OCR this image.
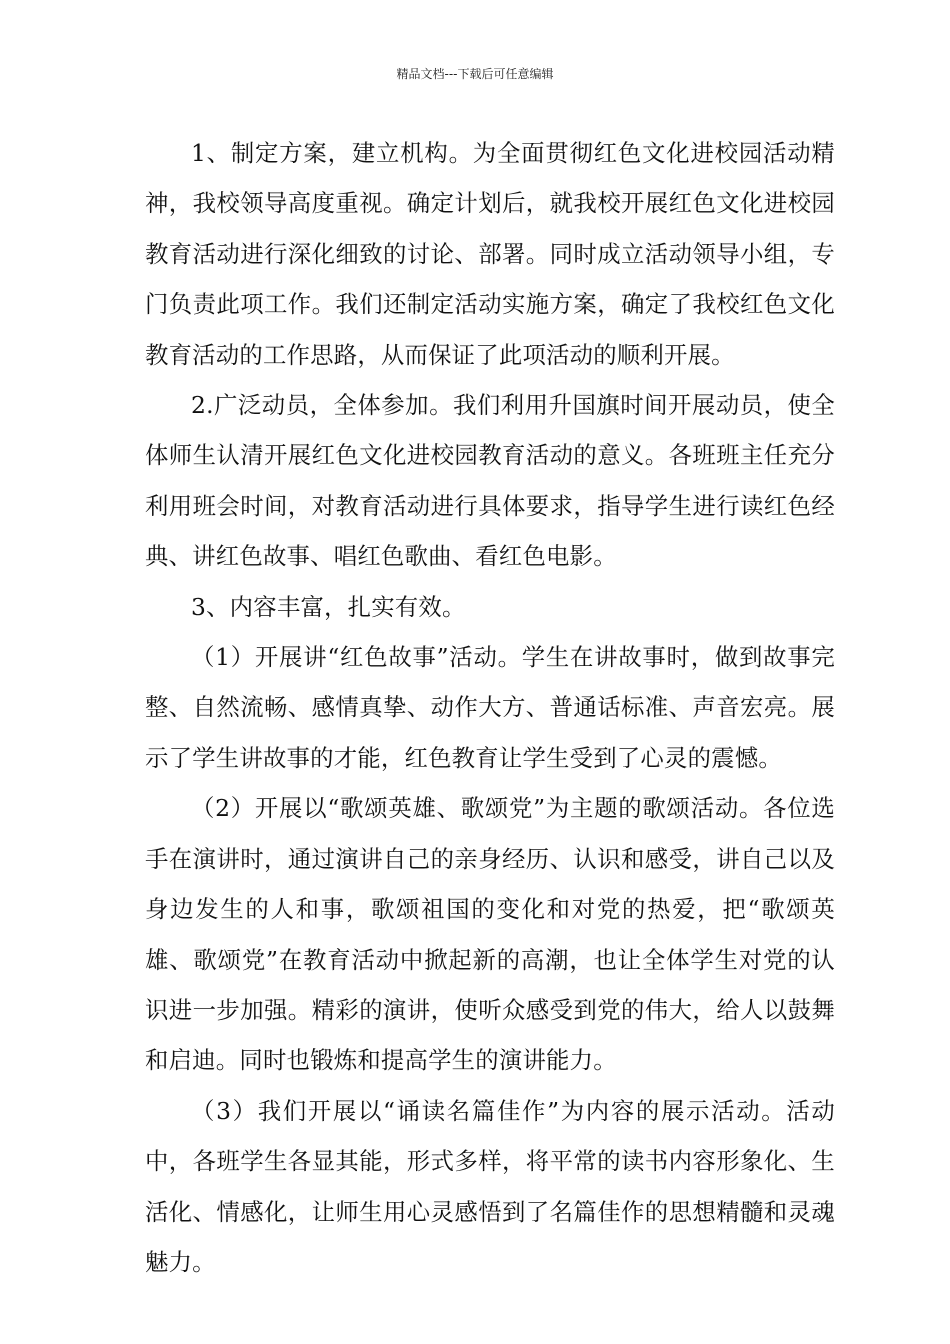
精品文档---下载后可任意编辑

1、制定方案，建立机构。为全面贯彻红色文化进校园活动精神，我校领导高度重视。确定计划后，就我校开展红色文化进校园教育活动进行深化细致的讨论、部署。同时成立活动领导小组，专门负责此项工作。我们还制定活动实施方案，确定了我校红色文化教育活动的工作思路，从而保证了此项活动的顺利开展。

2.广泛动员，全体参加。我们利用升国旗时间开展动员，使全体师生认清开展红色文化进校园教育活动的意义。各班班主任充分利用班会时间，对教育活动进行具体要求，指导学生进行读红色经典、讲红色故事、唱红色歌曲、看红色电影。

3、内容丰富，扎实有效。

（1）开展讲“红色故事”活动。学生在讲故事时，做到故事完整、自然流畅、感情真挚、动作大方、普通话标准、声音宏亮。展示了学生讲故事的才能，红色教育让学生受到了心灵的震憾。

（2）开展以“歌颂英雄、歌颂党”为主题的歌颂活动。各位选手在演讲时，通过演讲自己的亲身经历、认识和感受，讲自己以及身边发生的人和事，歌颂祖国的变化和对党的热爱，把“歌颂英雄、歌颂党”在教育活动中掀起新的高潮，也让全体学生对党的认识进一步加强。精彩的演讲，使听众感受到党的伟大，给人以鼓舞和启迪。同时也锻炼和提高学生的演讲能力。

（3）我们开展以“诵读名篇佳作”为内容的展示活动。活动中，各班学生各显其能，形式多样，将平常的读书内容形象化、生活化、情感化，让师生用心灵感悟到了名篇佳作的思想精髓和灵魂魅力。
